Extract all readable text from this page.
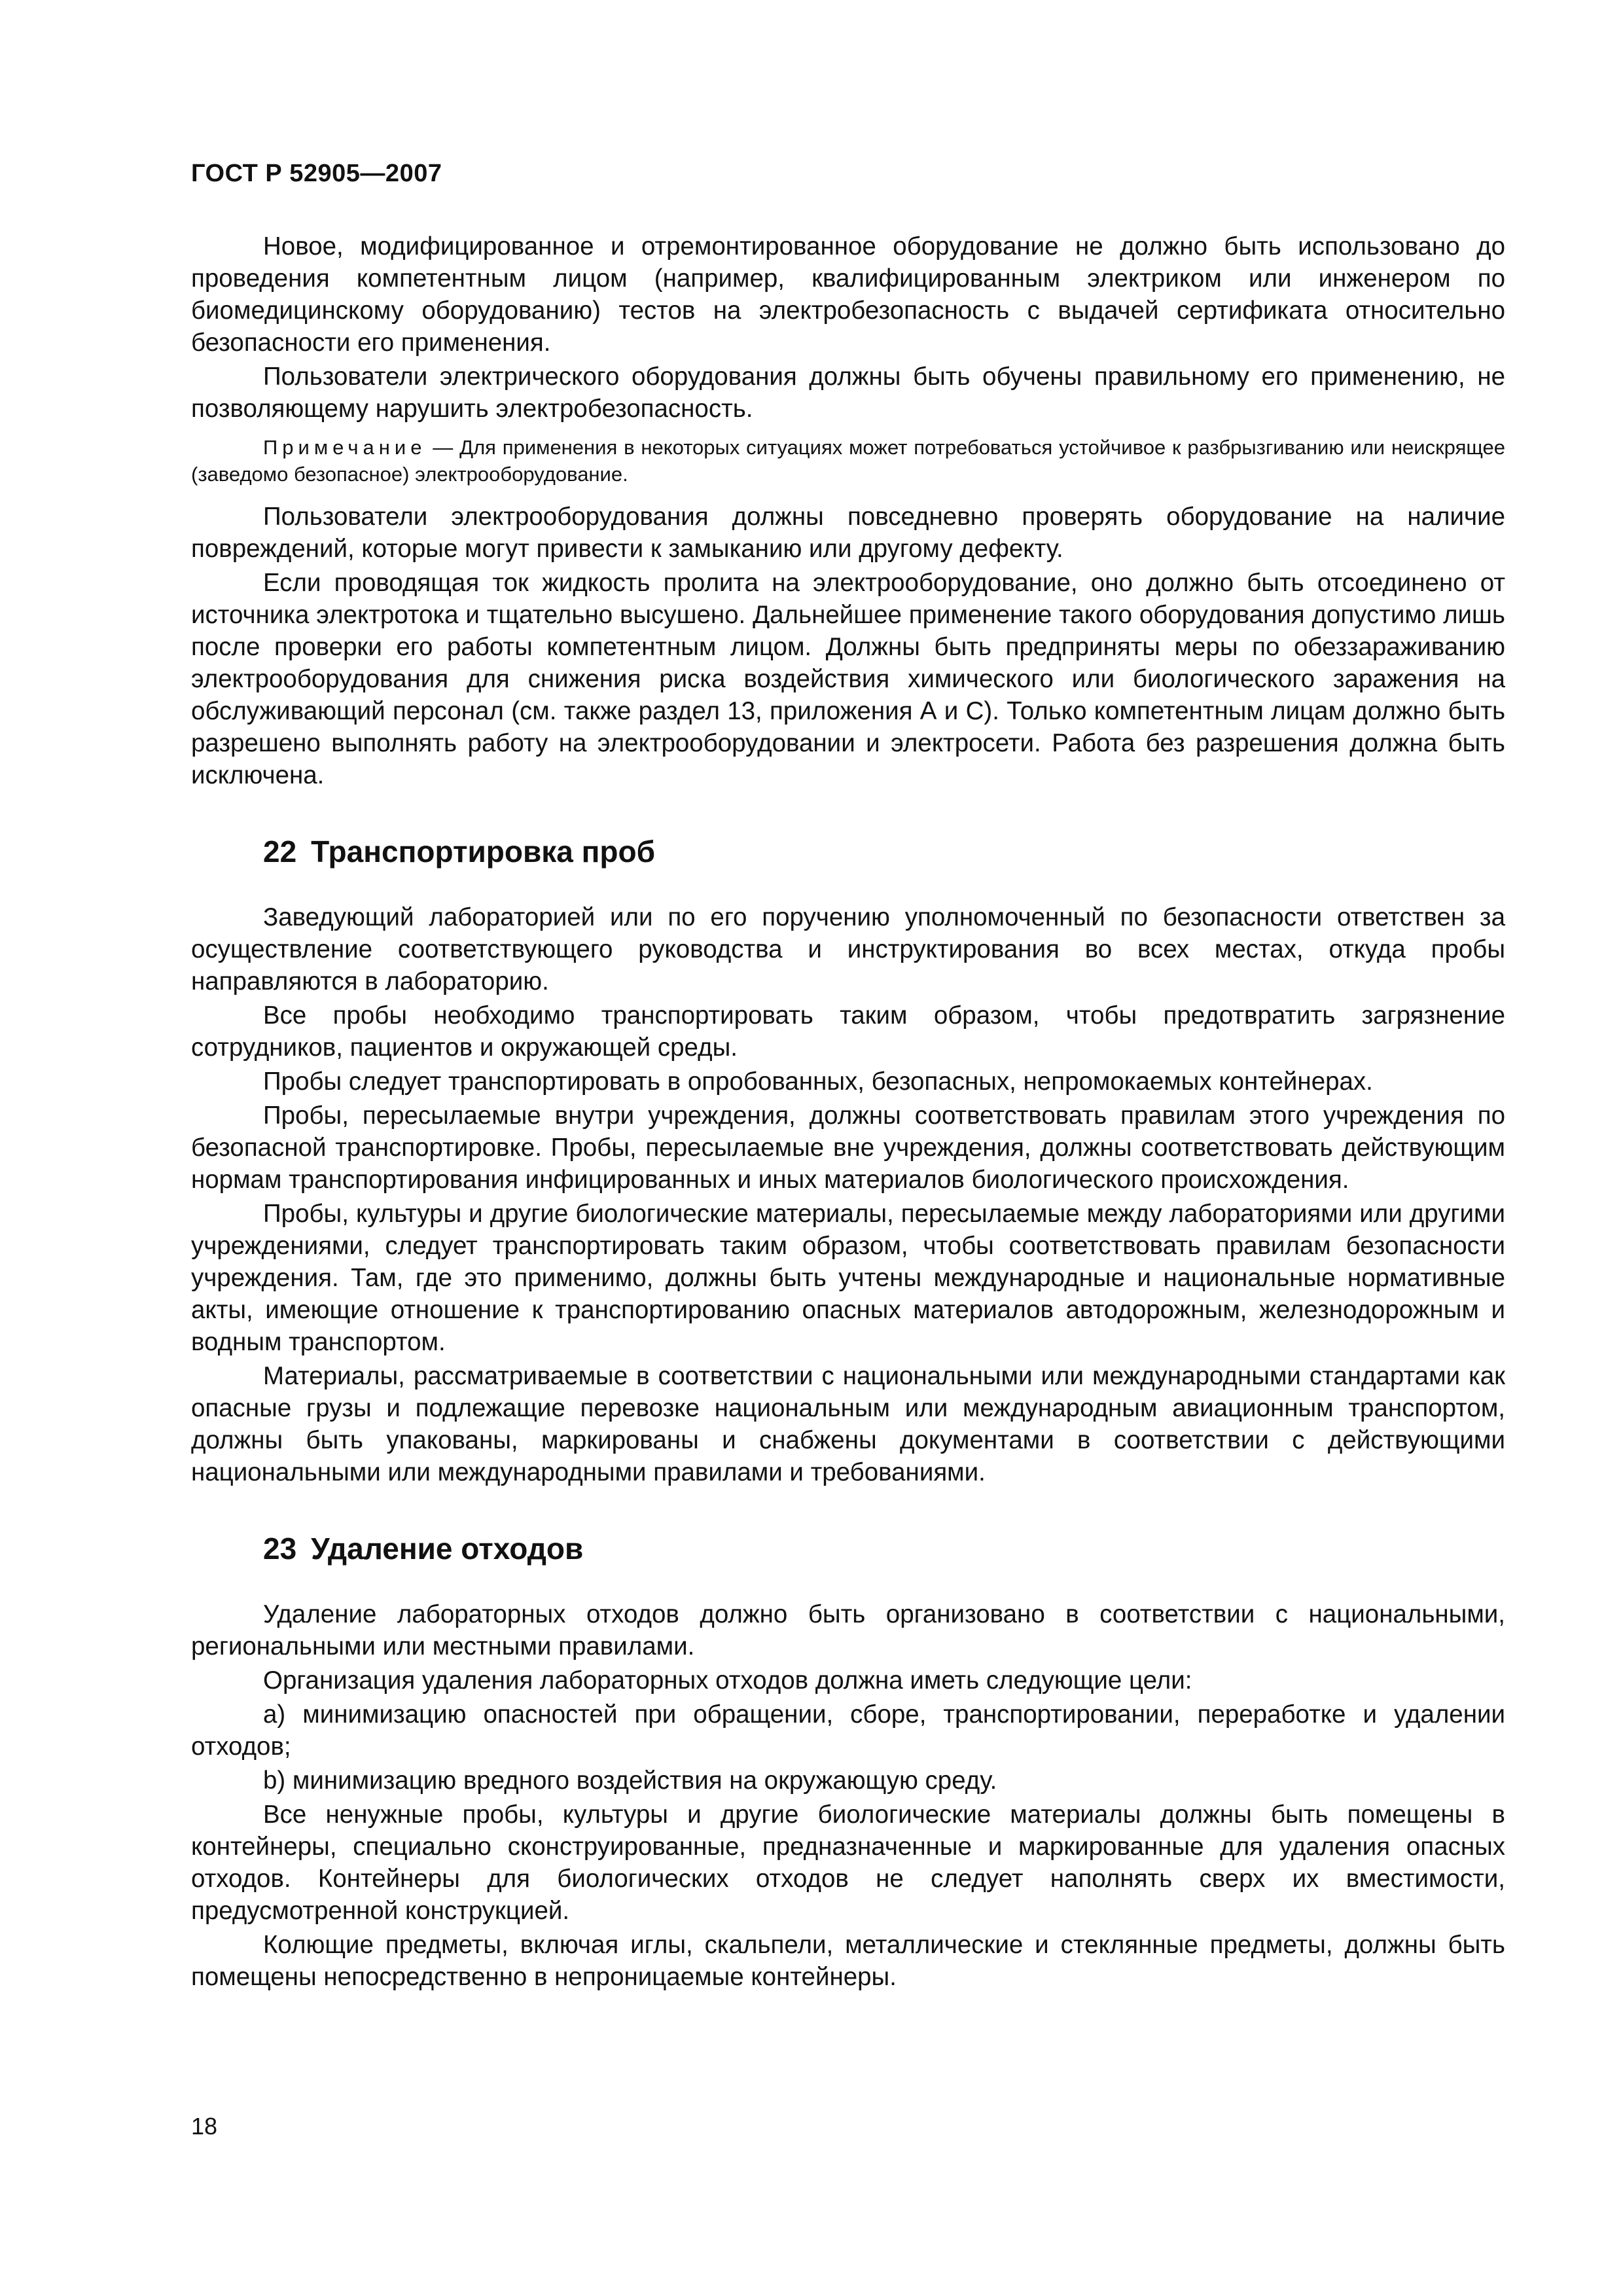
ГОСТ Р 52905—2007

Новое, модифицированное и отремонтированное оборудование не должно быть использовано до проведения компетентным лицом (например, квалифицированным электриком или инженером по биомедицинскому оборудованию) тестов на электробезопасность с выдачей сертификата относительно безопасности его применения.

Пользователи электрического оборудования должны быть обучены правильному его применению, не позволяющему нарушить электробезопасность.

Примечание — Для применения в некоторых ситуациях может потребоваться устойчивое к разбрызгиванию или неискрящее (заведомо безопасное) электрооборудование.

Пользователи электрооборудования должны повседневно проверять оборудование на наличие повреждений, которые могут привести к замыканию или другому дефекту.

Если проводящая ток жидкость пролита на электрооборудование, оно должно быть отсоединено от источника электротока и тщательно высушено. Дальнейшее применение такого оборудования допустимо лишь после проверки его работы компетентным лицом. Должны быть предприняты меры по обеззараживанию электрооборудования для снижения риска воздействия химического или биологического заражения на обслуживающий персонал (см. также раздел 13, приложения А и С). Только компетентным лицам должно быть разрешено выполнять работу на электрооборудовании и электросети. Работа без разрешения должна быть исключена.

22 Транспортировка проб

Заведующий лабораторией или по его поручению уполномоченный по безопасности ответствен за осуществление соответствующего руководства и инструктирования во всех местах, откуда пробы направляются в лабораторию.

Все пробы необходимо транспортировать таким образом, чтобы предотвратить загрязнение сотрудников, пациентов и окружающей среды.

Пробы следует транспортировать в опробованных, безопасных, непромокаемых контейнерах.

Пробы, пересылаемые внутри учреждения, должны соответствовать правилам этого учреждения по безопасной транспортировке. Пробы, пересылаемые вне учреждения, должны соответствовать действующим нормам транспортирования инфицированных и иных материалов биологического происхождения.

Пробы, культуры и другие биологические материалы, пересылаемые между лабораториями или другими учреждениями, следует транспортировать таким образом, чтобы соответствовать правилам безопасности учреждения. Там, где это применимо, должны быть учтены международные и национальные нормативные акты, имеющие отношение к транспортированию опасных материалов автодорожным, железнодорожным и водным транспортом.

Материалы, рассматриваемые в соответствии с национальными или международными стандартами как опасные грузы и подлежащие перевозке национальным или международным авиационным транспортом, должны быть упакованы, маркированы и снабжены документами в соответствии с действующими национальными или международными правилами и требованиями.

23 Удаление отходов

Удаление лабораторных отходов должно быть организовано в соответствии с национальными, региональными или местными правилами.

Организация удаления лабораторных отходов должна иметь следующие цели:

a) минимизацию опасностей при обращении, сборе, транспортировании, переработке и удалении отходов;

b) минимизацию вредного воздействия на окружающую среду.

Все ненужные пробы, культуры и другие биологические материалы должны быть помещены в контейнеры, специально сконструированные, предназначенные и маркированные для удаления опасных отходов. Контейнеры для биологических отходов не следует наполнять сверх их вместимости, предусмотренной конструкцией.

Колющие предметы, включая иглы, скальпели, металлические и стеклянные предметы, должны быть помещены непосредственно в непроницаемые контейнеры.

18
